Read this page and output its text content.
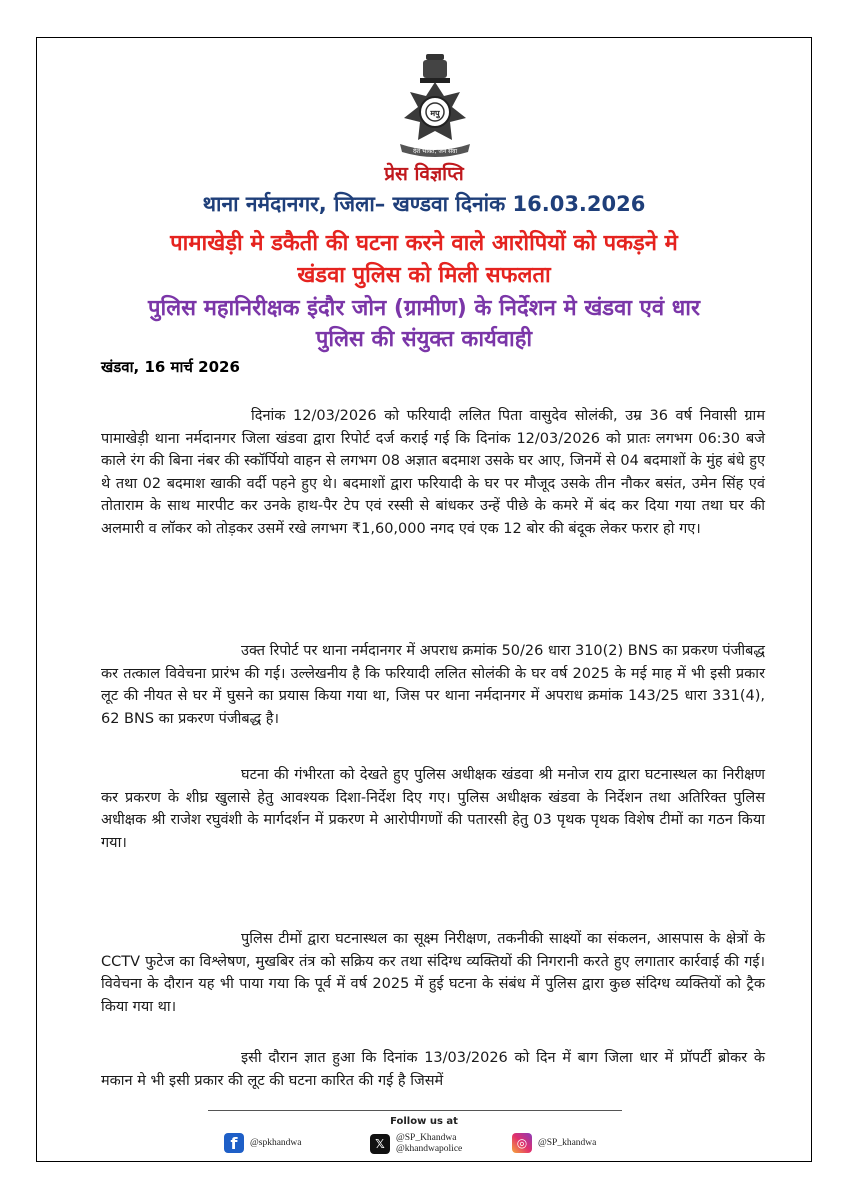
मपु
देश भक्ति, जन सेवा
प्रेस विज्ञप्ति
थाना नर्मदानगर, जिला– खण्डवा दिनांक 16.03.2026
पामाखेड़ी मे डकैती की घटना करने वाले आरोपियों को पकड़ने मे
खंडवा पुलिस को मिली सफलता
पुलिस महानिरीक्षक इंदौर जोन (ग्रामीण) के निर्देशन मे खंडवा एवं धार
पुलिस की संयुक्त कार्यवाही
खंडवा, 16 मार्च 2026

दिनांक 12/03/2026 को फरियादी ललित पिता वासुदेव सोलंकी, उम्र 36 वर्ष निवासी ग्राम पामाखेड़ी थाना नर्मदानगर जिला खंडवा द्वारा रिपोर्ट दर्ज कराई गई कि दिनांक 12/03/2026 को प्रातः लगभग 06:30 बजे काले रंग की बिना नंबर की स्कॉर्पियो वाहन से लगभग 08 अज्ञात बदमाश उसके घर आए, जिनमें से 04 बदमाशों के मुंह बंधे हुए थे तथा 02 बदमाश खाकी वर्दी पहने हुए थे। बदमाशों द्वारा फरियादी के घर पर मौजूद उसके तीन नौकर बसंत, उमेन सिंह एवं तोताराम के साथ मारपीट कर उनके हाथ-पैर टेप एवं रस्सी से बांधकर उन्हें पीछे के कमरे में बंद कर दिया गया तथा घर की अलमारी व लॉकर को तोड़कर उसमें रखे लगभग ₹1,60,000 नगद एवं एक 12 बोर की बंदूक लेकर फरार हो गए।

उक्त रिपोर्ट पर थाना नर्मदानगर में अपराध क्रमांक 50/26 धारा 310(2) BNS का प्रकरण पंजीबद्ध कर तत्काल विवेचना प्रारंभ की गई। उल्लेखनीय है कि फरियादी ललित सोलंकी के घर वर्ष 2025 के मई माह में भी इसी प्रकार लूट की नीयत से घर में घुसने का प्रयास किया गया था, जिस पर थाना नर्मदानगर में अपराध क्रमांक 143/25 धारा 331(4), 62 BNS का प्रकरण पंजीबद्ध है।

घटना की गंभीरता को देखते हुए पुलिस अधीक्षक खंडवा श्री मनोज राय द्वारा घटनास्थल का निरीक्षण कर प्रकरण के शीघ्र खुलासे हेतु आवश्यक दिशा-निर्देश दिए गए। पुलिस अधीक्षक खंडवा के निर्देशन तथा अतिरिक्त पुलिस अधीक्षक श्री राजेश रघुवंशी के मार्गदर्शन में प्रकरण मे आरोपीगणों की पतारसी हेतु 03 पृथक पृथक विशेष टीमों का गठन किया गया।

पुलिस टीमों द्वारा घटनास्थल का सूक्ष्म निरीक्षण, तकनीकी साक्ष्यों का संकलन, आसपास के क्षेत्रों के CCTV फुटेज का विश्लेषण, मुखबिर तंत्र को सक्रिय कर तथा संदिग्ध व्यक्तियों की निगरानी करते हुए लगातार कार्रवाई की गई। विवेचना के दौरान यह भी पाया गया कि पूर्व में वर्ष 2025 में हुई घटना के संबंध में पुलिस द्वारा कुछ संदिग्ध व्यक्तियों को ट्रैक किया गया था।

इसी दौरान ज्ञात हुआ कि दिनांक 13/03/2026 को दिन में बाग जिला धार में प्रॉपर्टी ब्रोकर के मकान मे भी इसी प्रकार की लूट की घटना कारित की गई है जिसमें

Follow us at
f	@spkhandwa	𝕏	@SP_Khandwa
@khandwapolice	◎	@SP_khandwa
